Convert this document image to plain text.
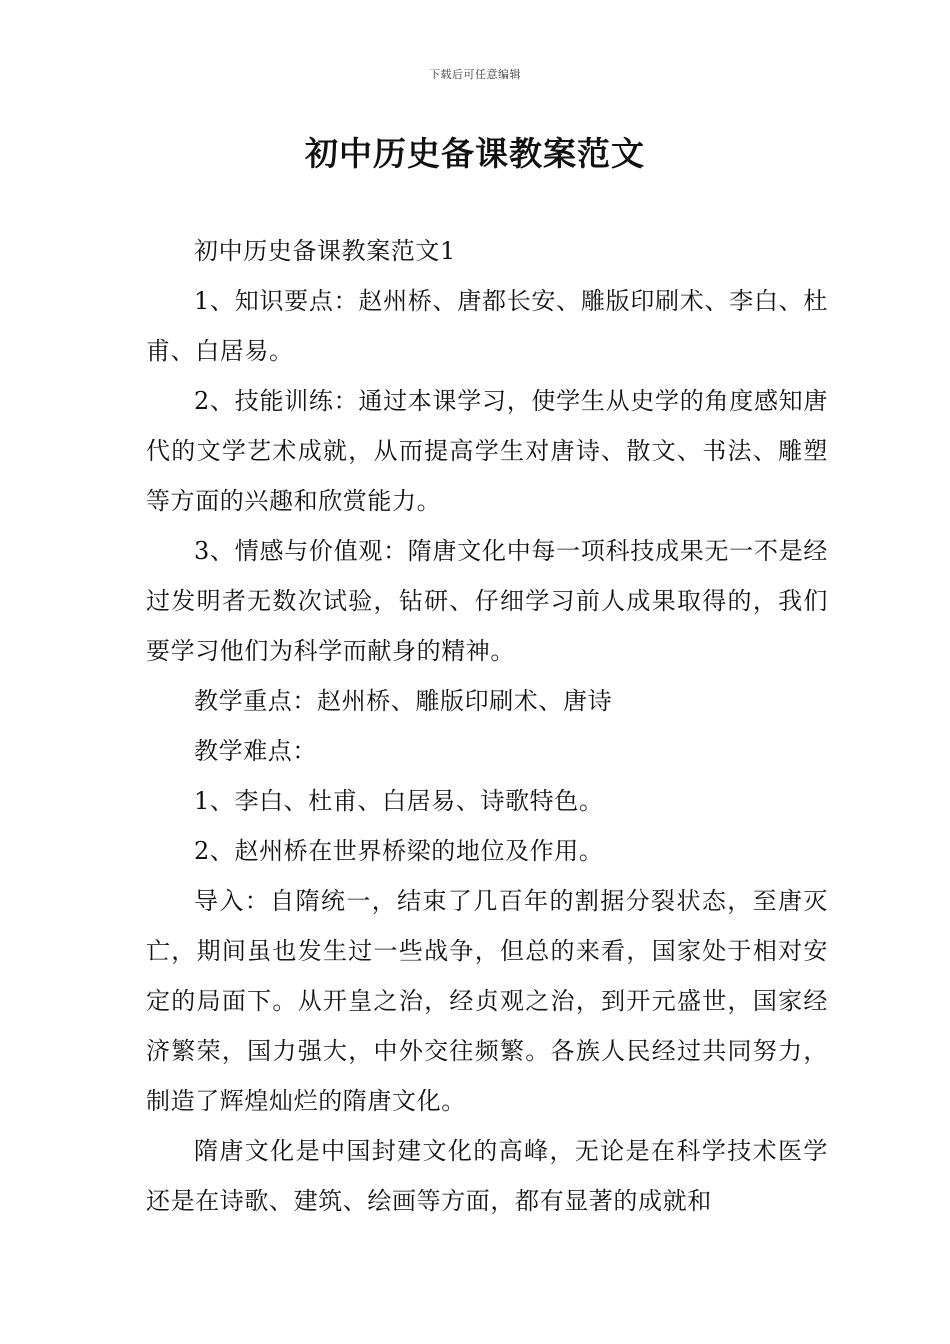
下载后可任意编辑
初中历史备课教案范文

初中历史备课教案范文1

1、知识要点：赵州桥、唐都长安、雕版印刷术、李白、杜甫、白居易。

2、技能训练：通过本课学习，使学生从史学的角度感知唐代的文学艺术成就，从而提高学生对唐诗、散文、书法、雕塑等方面的兴趣和欣赏能力。

3、情感与价值观：隋唐文化中每一项科技成果无一不是经过发明者无数次试验，钻研、仔细学习前人成果取得的，我们要学习他们为科学而献身的精神。

教学重点：赵州桥、雕版印刷术、唐诗

教学难点：

1、李白、杜甫、白居易、诗歌特色。

2、赵州桥在世界桥梁的地位及作用。

导入：自隋统一，结束了几百年的割据分裂状态，至唐灭亡，期间虽也发生过一些战争，但总的来看，国家处于相对安定的局面下。从开皇之治，经贞观之治，到开元盛世，国家经济繁荣，国力强大，中外交往频繁。各族人民经过共同努力，制造了辉煌灿烂的隋唐文化。

隋唐文化是中国封建文化的高峰，无论是在科学技术医学还是在诗歌、建筑、绘画等方面，都有显著的成就和
